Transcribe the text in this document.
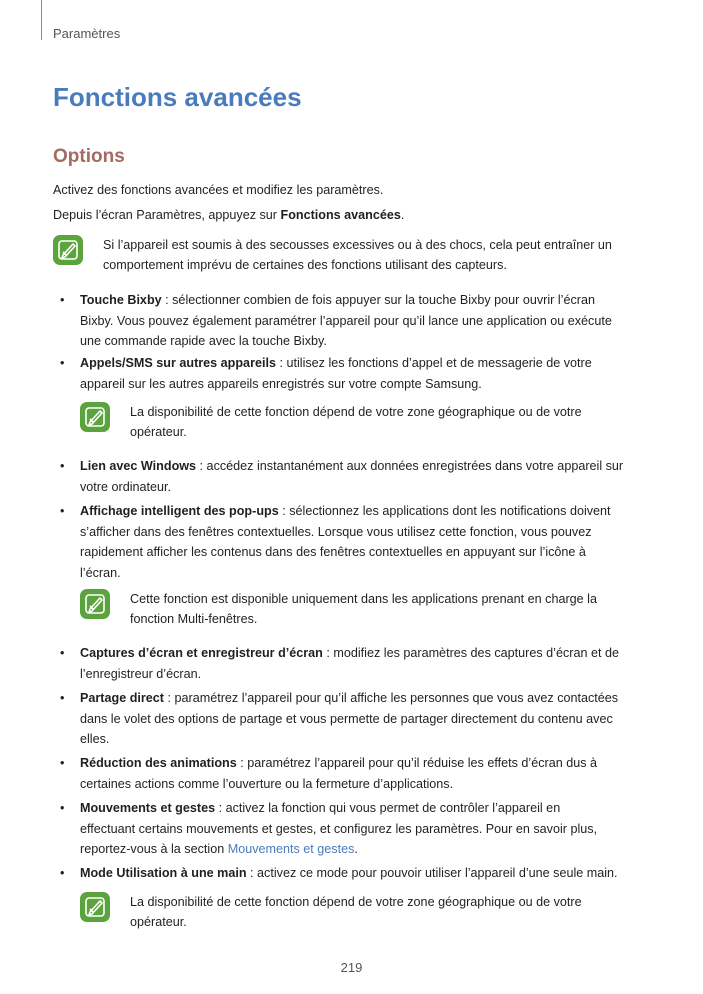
Paramètres
Fonctions avancées
Options

Activez des fonctions avancées et modifiez les paramètres.

Depuis l’écran Paramètres, appuyez sur Fonctions avancées.

Si l’appareil est soumis à des secousses excessives ou à des chocs, cela peut entraîner un
comportement imprévu de certaines des fonctions utilisant des capteurs.

• Touche Bixby : sélectionner combien de fois appuyer sur la touche Bixby pour ouvrir l’écran
Bixby. Vous pouvez également paramétrer l’appareil pour qu’il lance une application ou exécute
une commande rapide avec la touche Bixby.
• Appels/SMS sur autres appareils : utilisez les fonctions d’appel et de messagerie de votre
appareil sur les autres appareils enregistrés sur votre compte Samsung.

La disponibilité de cette fonction dépend de votre zone géographique ou de votre
opérateur.

• Lien avec Windows : accédez instantanément aux données enregistrées dans votre appareil sur
votre ordinateur.
• Affichage intelligent des pop-ups : sélectionnez les applications dont les notifications doivent
s’afficher dans des fenêtres contextuelles. Lorsque vous utilisez cette fonction, vous pouvez
rapidement afficher les contenus dans des fenêtres contextuelles en appuyant sur l’icône à
l’écran.

Cette fonction est disponible uniquement dans les applications prenant en charge la
fonction Multi-fenêtres.

• Captures d’écran et enregistreur d’écran : modifiez les paramètres des captures d’écran et de
l’enregistreur d’écran.
• Partage direct : paramétrez l’appareil pour qu’il affiche les personnes que vous avez contactées
dans le volet des options de partage et vous permette de partager directement du contenu avec
elles.
• Réduction des animations : paramétrez l’appareil pour qu’il réduise les effets d’écran dus à
certaines actions comme l’ouverture ou la fermeture d’applications.
• Mouvements et gestes : activez la fonction qui vous permet de contrôler l’appareil en
effectuant certains mouvements et gestes, et configurez les paramètres. Pour en savoir plus,
reportez-vous à la section Mouvements et gestes.
• Mode Utilisation à une main : activez ce mode pour pouvoir utiliser l’appareil d’une seule main.

La disponibilité de cette fonction dépend de votre zone géographique ou de votre
opérateur.

219
